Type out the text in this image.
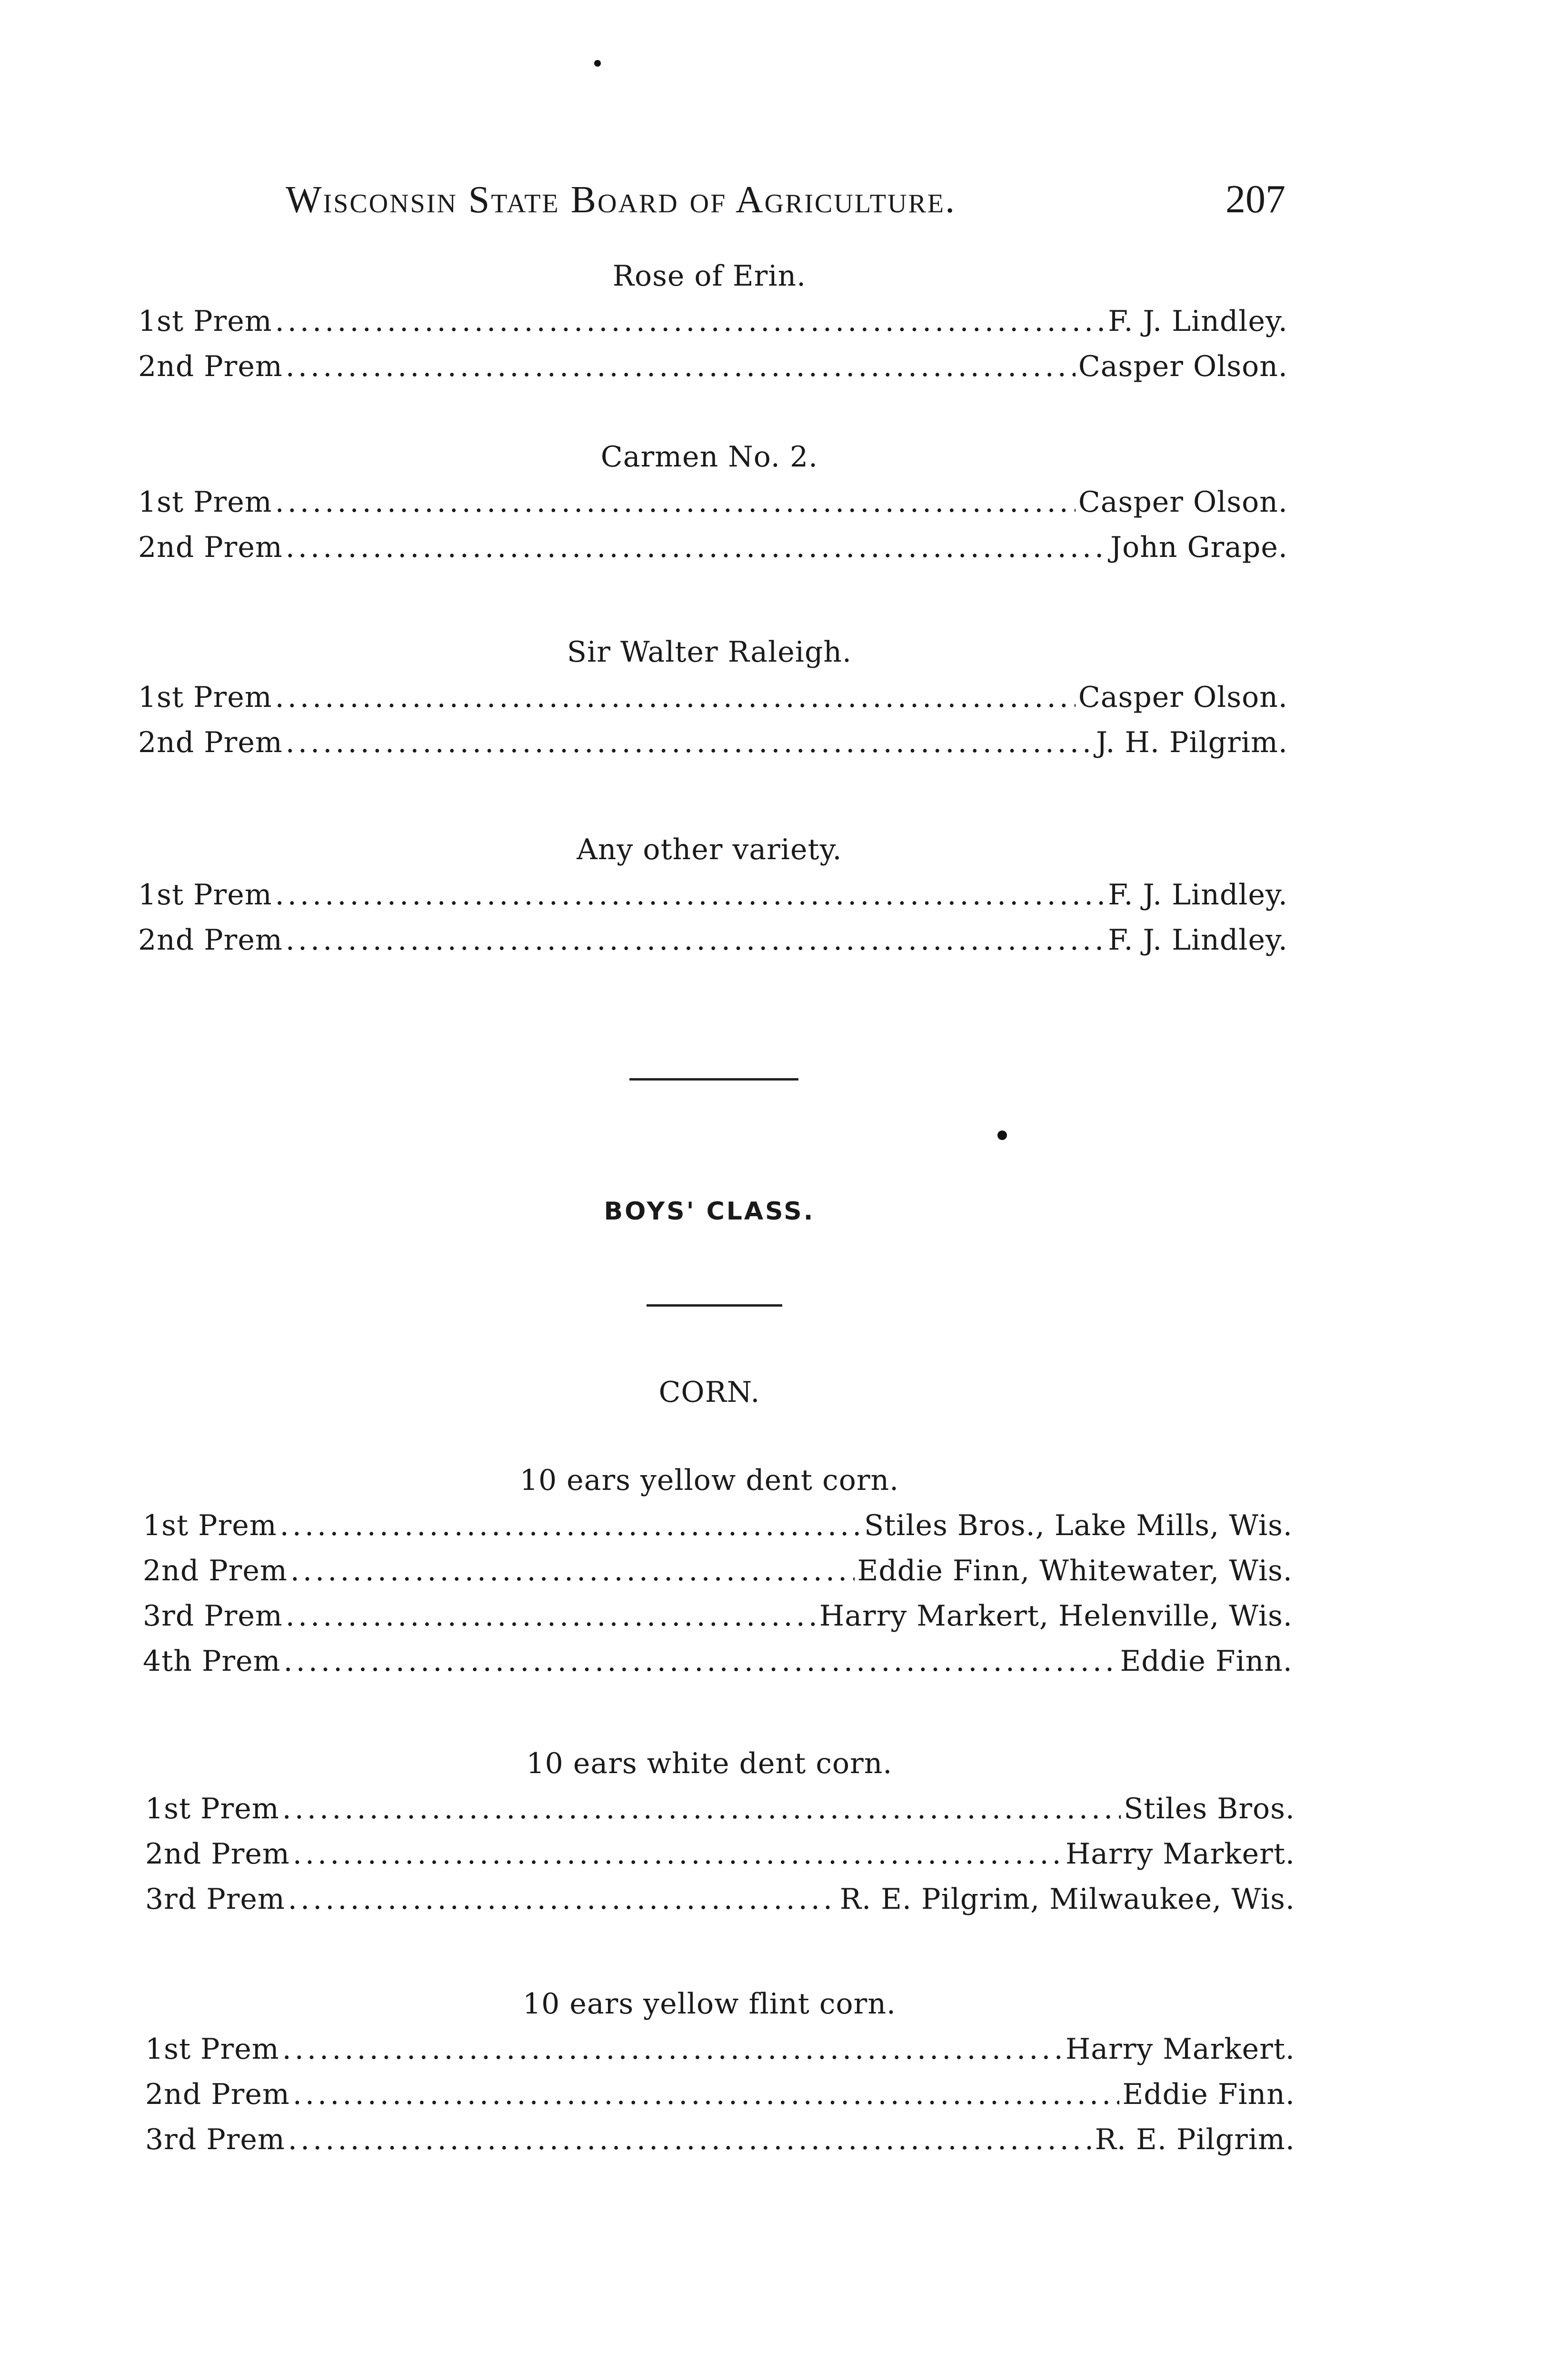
Wisconsin State Board of Agriculture.	207
Rose of Erin.
1st Prem . . .	F. J. Lindley.
2nd Prem . . .	Casper Olson.
Carmen No. 2.
1st Prem . . .	Casper Olson.
2nd Prem . . .	John Grape.
Sir Walter Raleigh.
1st Prem . . .	Casper Olson.
2nd Prem . . .	J. H. Pilgrim.
Any other variety.
1st Prem . . .	F. J. Lindley.
2nd Prem . . .	F. J. Lindley.
BOYS' CLASS.
CORN.
10 ears yellow dent corn.
1st Prem . . .	Stiles Bros., Lake Mills, Wis.
2nd Prem . . .	Eddie Finn, Whitewater, Wis.
3rd Prem . . .	Harry Markert, Helenville, Wis.
4th Prem . . .	Eddie Finn.
10 ears white dent corn.
1st Prem . . .	Stiles Bros.
2nd Prem . . .	Harry Markert.
3rd Prem . . .	R. E. Pilgrim, Milwaukee, Wis.
10 ears yellow flint corn.
1st Prem . . .	Harry Markert.
2nd Prem . . .	Eddie Finn.
3rd Prem . . .	R. E. Pilgrim.
